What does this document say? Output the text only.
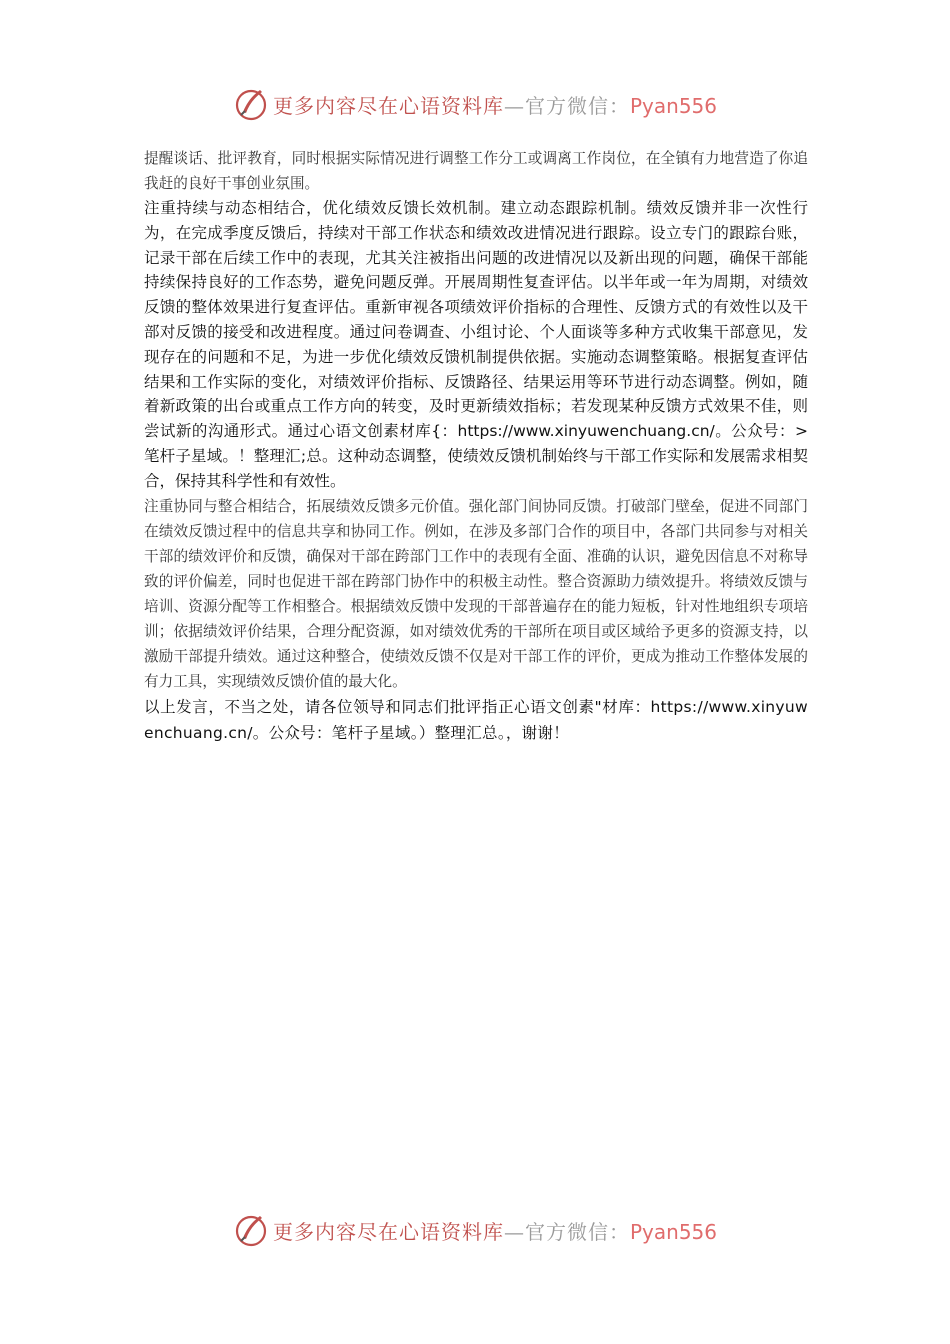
更多内容尽在心语资料库—官方微信：Pyan556

提醒谈话、批评教育，同时根据实际情况进行调整工作分工或调离工作岗位，在全镇有力地营造了你追我赶的良好干事创业氛围。

注重持续与动态相结合，优化绩效反馈长效机制。建立动态跟踪机制。绩效反馈并非一次性行为，在完成季度反馈后，持续对干部工作状态和绩效改进情况进行跟踪。设立专门的跟踪台账，记录干部在后续工作中的表现，尤其关注被指出问题的改进情况以及新出现的问题，确保干部能持续保持良好的工作态势，避免问题反弹。开展周期性复查评估。以半年或一年为周期，对绩效反馈的整体效果进行复查评估。重新审视各项绩效评价指标的合理性、反馈方式的有效性以及干部对反馈的接受和改进程度。通过问卷调查、小组讨论、个人面谈等多种方式收集干部意见，发现存在的问题和不足，为进一步优化绩效反馈机制提供依据。实施动态调整策略。根据复查评估结果和工作实际的变化，对绩效评价指标、反馈路径、结果运用等环节进行动态调整。例如，随着新政策的出台或重点工作方向的转变，及时更新绩效指标；若发现某种反馈方式效果不佳，则尝试新的沟通形式。通过心语文创素材库{：https://www.xinyuwenchuang.cn/。公众号：>笔杆子星域。！整理汇;总。这种动态调整，使绩效反馈机制始终与干部工作实际和发展需求相契合，保持其科学性和有效性。

注重协同与整合相结合，拓展绩效反馈多元价值。强化部门间协同反馈。打破部门壁垒，促进不同部门在绩效反馈过程中的信息共享和协同工作。例如，在涉及多部门合作的项目中，各部门共同参与对相关干部的绩效评价和反馈，确保对干部在跨部门工作中的表现有全面、准确的认识，避免因信息不对称导致的评价偏差，同时也促进干部在跨部门协作中的积极主动性。整合资源助力绩效提升。将绩效反馈与培训、资源分配等工作相整合。根据绩效反馈中发现的干部普遍存在的能力短板，针对性地组织专项培训；依据绩效评价结果，合理分配资源，如对绩效优秀的干部所在项目或区域给予更多的资源支持，以激励干部提升绩效。通过这种整合，使绩效反馈不仅是对干部工作的评价，更成为推动工作整体发展的有力工具，实现绩效反馈价值的最大化。

以上发言，不当之处，请各位领导和同志们批评指正心语文创素"材库：https://www.xinyuwenchuang.cn/。公众号：笔杆子星域。）整理汇总。，谢谢！

更多内容尽在心语资料库—官方微信：Pyan556
